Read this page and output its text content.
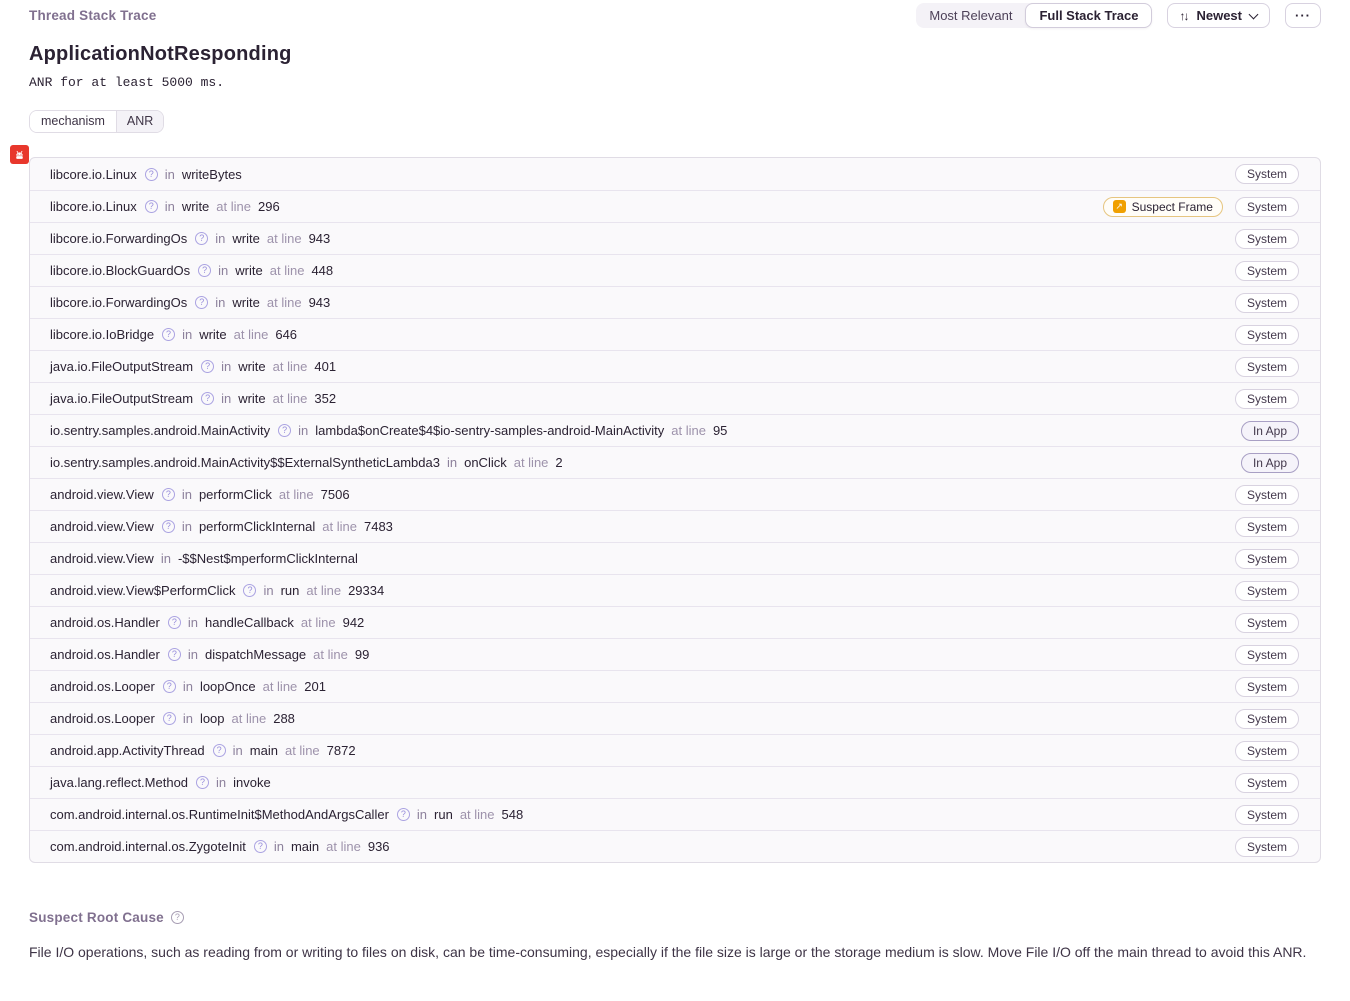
Thread Stack Trace	Most Relevant	Full Stack Trace	↑↓ Newest	···
ApplicationNotResponding
ANR for at least 5000 ms.
mechanism	ANR
libcore.io.Linux	? in writeBytes	System
libcore.io.Linux	? in write at line 296	↗ Suspect Frame	System
libcore.io.ForwardingOs	? in write at line 943	System
libcore.io.BlockGuardOs	? in write at line 448	System
libcore.io.ForwardingOs	? in write at line 943	System
libcore.io.IoBridge	? in write at line 646	System
java.io.FileOutputStream	? in write at line 401	System
java.io.FileOutputStream	? in write at line 352	System
io.sentry.samples.android.MainActivity	? in lambda$onCreate$4$io-sentry-samples-android-MainActivity at line 95	In App
io.sentry.samples.android.MainActivity$$ExternalSyntheticLambda3 in onClick at line 2	In App
android.view.View	? in performClick at line 7506	System
android.view.View	? in performClickInternal at line 7483	System
android.view.View in -$$Nest$mperformClickInternal	System
android.view.View$PerformClick	? in run at line 29334	System
android.os.Handler	? in handleCallback at line 942	System
android.os.Handler	? in dispatchMessage at line 99	System
android.os.Looper	? in loopOnce at line 201	System
android.os.Looper	? in loop at line 288	System
android.app.ActivityThread	? in main at line 7872	System
java.lang.reflect.Method	? in invoke	System
com.android.internal.os.RuntimeInit$MethodAndArgsCaller	? in run at line 548	System
com.android.internal.os.ZygoteInit	? in main at line 936	System
Suspect Root Cause	?
File I/O operations, such as reading from or writing to files on disk, can be time-consuming, especially if the file size is large or the storage medium is slow. Move File I/O off the main thread to avoid this ANR.
